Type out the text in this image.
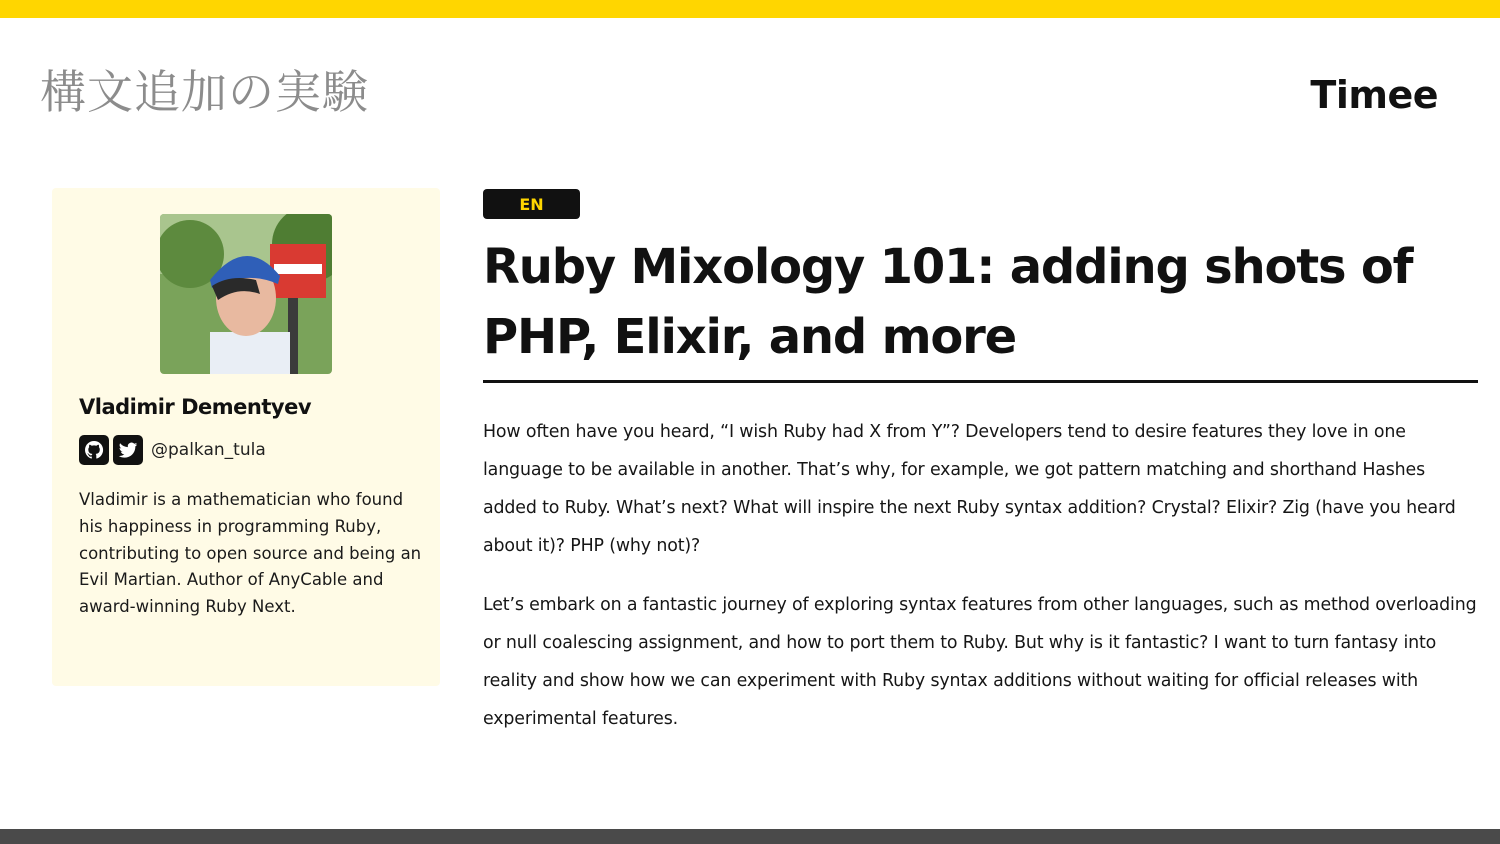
構文追加の実験	Timee
Vladimir Dementyev
@palkan_tula

Vladimir is a mathematician who found his happiness in programming Ruby, contributing to open source and being an Evil Martian. Author of AnyCable and award-winning Ruby Next.

EN
Ruby Mixology 101: adding shots of PHP, Elixir, and more

How often have you heard, “I wish Ruby had X from Y”? Developers tend to desire features they love in one language to be available in another. That’s why, for example, we got pattern matching and shorthand Hashes added to Ruby. What’s next? What will inspire the next Ruby syntax addition? Crystal? Elixir? Zig (have you heard about it)? PHP (why not)?

Let’s embark on a fantastic journey of exploring syntax features from other languages, such as method overloading or null coalescing assignment, and how to port them to Ruby. But why is it fantastic? I want to turn fantasy into reality and show how we can experiment with Ruby syntax additions without waiting for official releases with experimental features.
